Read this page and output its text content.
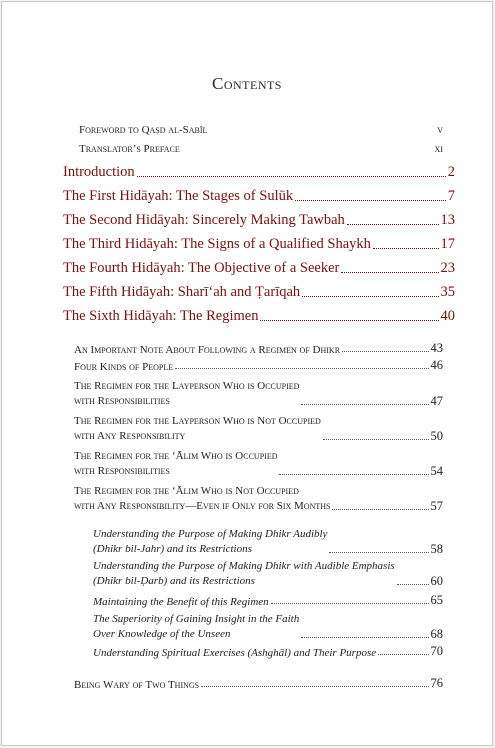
Contents
Foreword to Qaṣd al-Sabīl	v
Translator’s Preface	xi
Introduction	2
The First Hidāyah: The Stages of Sulūk	7
The Second Hidāyah: Sincerely Making Tawbah	13
The Third Hidāyah: The Signs of a Qualified Shaykh	17
The Fourth Hidāyah: The Objective of a Seeker	23
The Fifth Hidāyah: Sharī‘ah and Ṭarīqah	35
The Sixth Hidāyah: The Regimen	40
An Important Note About Following a Regimen of Dhikr	43
Four Kinds of People	46
The Regimen for the Layperson Who is Occupied
with Responsibilities	47
The Regimen for the Layperson Who is Not Occupied
with Any Responsibility	50
The Regimen for the ‘Ālim Who is Occupied
with Responsibilities	54
The Regimen for the ‘Ālim Who is Not Occupied
with Any Responsibility—Even if Only for Six Months	57
Understanding the Purpose of Making Dhikr Audibly
(Dhikr bil-Jahr) and its Restrictions	58
Understanding the Purpose of Making Dhikr with Audible Emphasis
(Dhikr bil-Ḍarb) and its Restrictions	60
Maintaining the Benefit of this Regimen	65
The Superiority of Gaining Insight in the Faith
Over Knowledge of the Unseen	68
Understanding Spiritual Exercises (Ashghāl) and Their Purpose	70
Being Wary of Two Things	76
